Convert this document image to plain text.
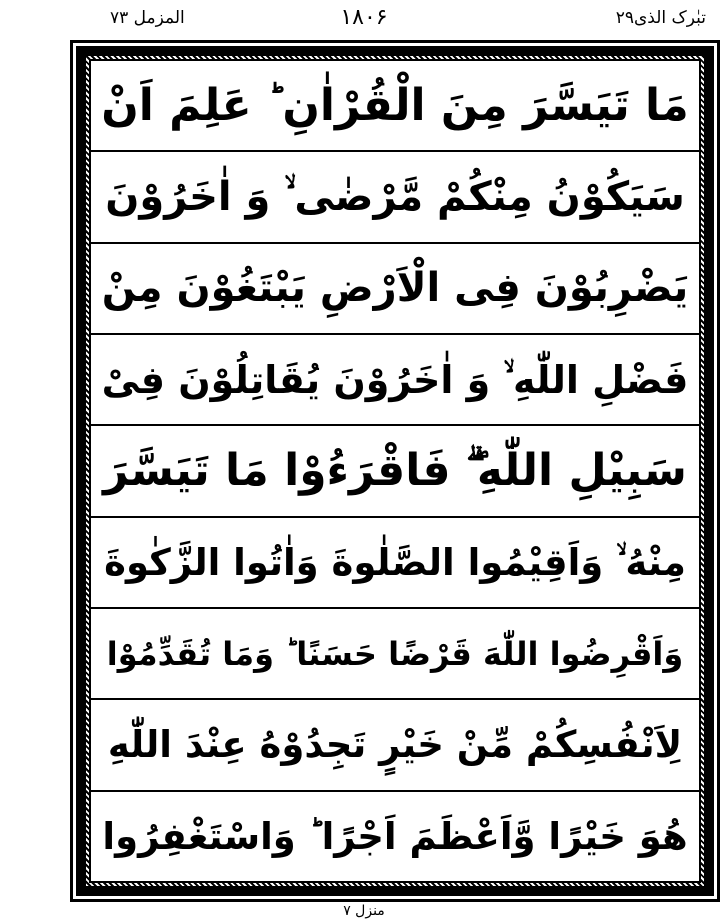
المزمل ۷۳	۱۸۰۶	تبٰرک الذی۲۹
مَا تَیَسَّرَ مِنَ الْقُرْاٰنِ ؕ عَلِمَ اَنْ
سَیَكُوْنُ مِنْكُمْ مَّرْضٰی ۙ وَ اٰخَرُوْنَ
یَضْرِبُوْنَ فِی الْاَرْضِ یَبْتَغُوْنَ مِنْ
فَضْلِ اللّٰهِ ۙ وَ اٰخَرُوْنَ یُقَاتِلُوْنَ فِیْ
سَبِیْلِ اللّٰهِ ۖۗ فَاقْرَءُوْا مَا تَیَسَّرَ
مِنْهُ ۙ وَاَقِیْمُوا الصَّلٰوةَ وَاٰتُوا الزَّكٰوةَ
وَاَقْرِضُوا اللّٰهَ قَرْضًا حَسَنًا ؕ وَمَا تُقَدِّمُوْا
لِاَنْفُسِكُمْ مِّنْ خَیْرٍ تَجِدُوْهُ عِنْدَ اللّٰهِ
هُوَ خَیْرًا وَّاَعْظَمَ اَجْرًا ؕ وَاسْتَغْفِرُوا
منزل ۷
